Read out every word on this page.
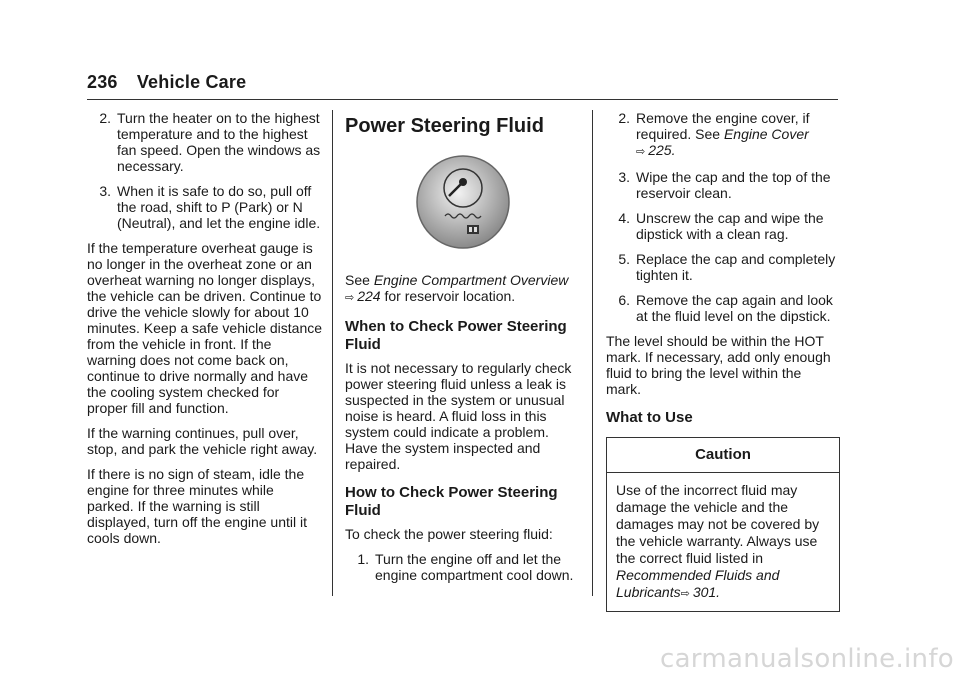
236 Vehicle Care
2. Turn the heater on to the highest temperature and to the highest fan speed. Open the windows as necessary.
3. When it is safe to do so, pull off the road, shift to P (Park) or N (Neutral), and let the engine idle.

If the temperature overheat gauge is no longer in the overheat zone or an overheat warning no longer displays, the vehicle can be driven. Continue to drive the vehicle slowly for about 10 minutes. Keep a safe vehicle distance from the vehicle in front. If the warning does not come back on, continue to drive normally and have the cooling system checked for proper fill and function.

If the warning continues, pull over, stop, and park the vehicle right away.

If there is no sign of steam, idle the engine for three minutes while parked. If the warning is still displayed, turn off the engine until it cools down.

Power Steering Fluid

See Engine Compartment Overview
⇨ 224 for reservoir location.

When to Check Power Steering Fluid

It is not necessary to regularly check power steering fluid unless a leak is suspected in the system or unusual noise is heard. A fluid loss in this system could indicate a problem. Have the system inspected and repaired.

How to Check Power Steering Fluid

To check the power steering fluid:

1. Turn the engine off and let the engine compartment cool down.
2. Remove the engine cover, if required. See Engine Cover
⇨ 225.
3. Wipe the cap and the top of the reservoir clean.
4. Unscrew the cap and wipe the dipstick with a clean rag.
5. Replace the cap and completely tighten it.
6. Remove the cap again and look at the fluid level on the dipstick.

The level should be within the HOT mark. If necessary, add only enough fluid to bring the level within the mark.

What to Use
Caution
Use of the incorrect fluid may damage the vehicle and the damages may not be covered by the vehicle warranty. Always use the correct fluid listed in Recommended Fluids and Lubricants⇨ 301.
carmanualsonline.info
